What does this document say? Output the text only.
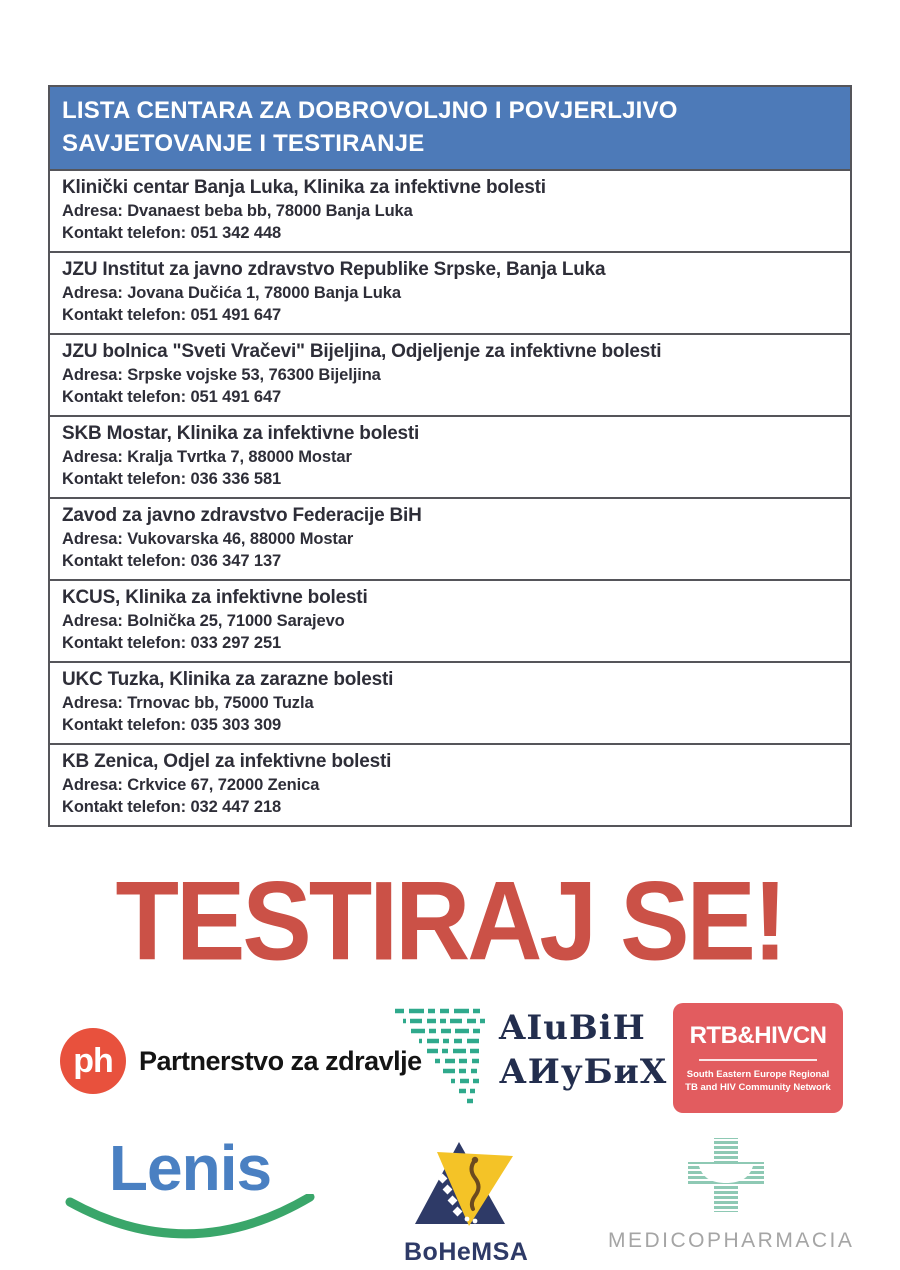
LISTA CENTARA ZA DOBROVOLJNO I POVJERLJIVO
SAVJETOVANJE I TESTIRANJE
Klinički centar Banja Luka, Klinika za infektivne bolesti
Adresa: Dvanaest beba bb, 78000 Banja Luka
Kontakt telefon: 051 342 448
JZU Institut za javno zdravstvo Republike Srpske, Banja Luka
Adresa: Jovana Dučića 1, 78000 Banja Luka
Kontakt telefon: 051 491 647
JZU bolnica "Sveti Vračevi" Bijeljina, Odjeljenje za infektivne bolesti
Adresa: Srpske vojske 53, 76300 Bijeljina
Kontakt telefon: 051 491 647
SKB Mostar, Klinika za infektivne bolesti
Adresa: Kralja Tvrtka 7, 88000 Mostar
Kontakt telefon: 036 336 581
Zavod za javno zdravstvo Federacije BiH
Adresa: Vukovarska 46, 88000 Mostar
Kontakt telefon: 036 347 137
KCUS, Klinika za infektivne bolesti
Adresa: Bolnička 25, 71000 Sarajevo
Kontakt telefon: 033 297 251
UKC Tuzka, Klinika za zarazne bolesti
Adresa: Trnovac bb, 75000 Tuzla
Kontakt telefon: 035 303 309
KB Zenica, Odjel za infektivne bolesti
Adresa: Crkvice 67, 72000 Zenica
Kontakt telefon: 032 447 218
TESTIRAJ SE!
ph Partnerstvo za zdravlje
AIuBiH
АИуБиХ
RTB&HIVCN
South Eastern Europe Regional
TB and HIV Community Network
Lenis
BoHeMSA	MEDICOPHARMACIA
